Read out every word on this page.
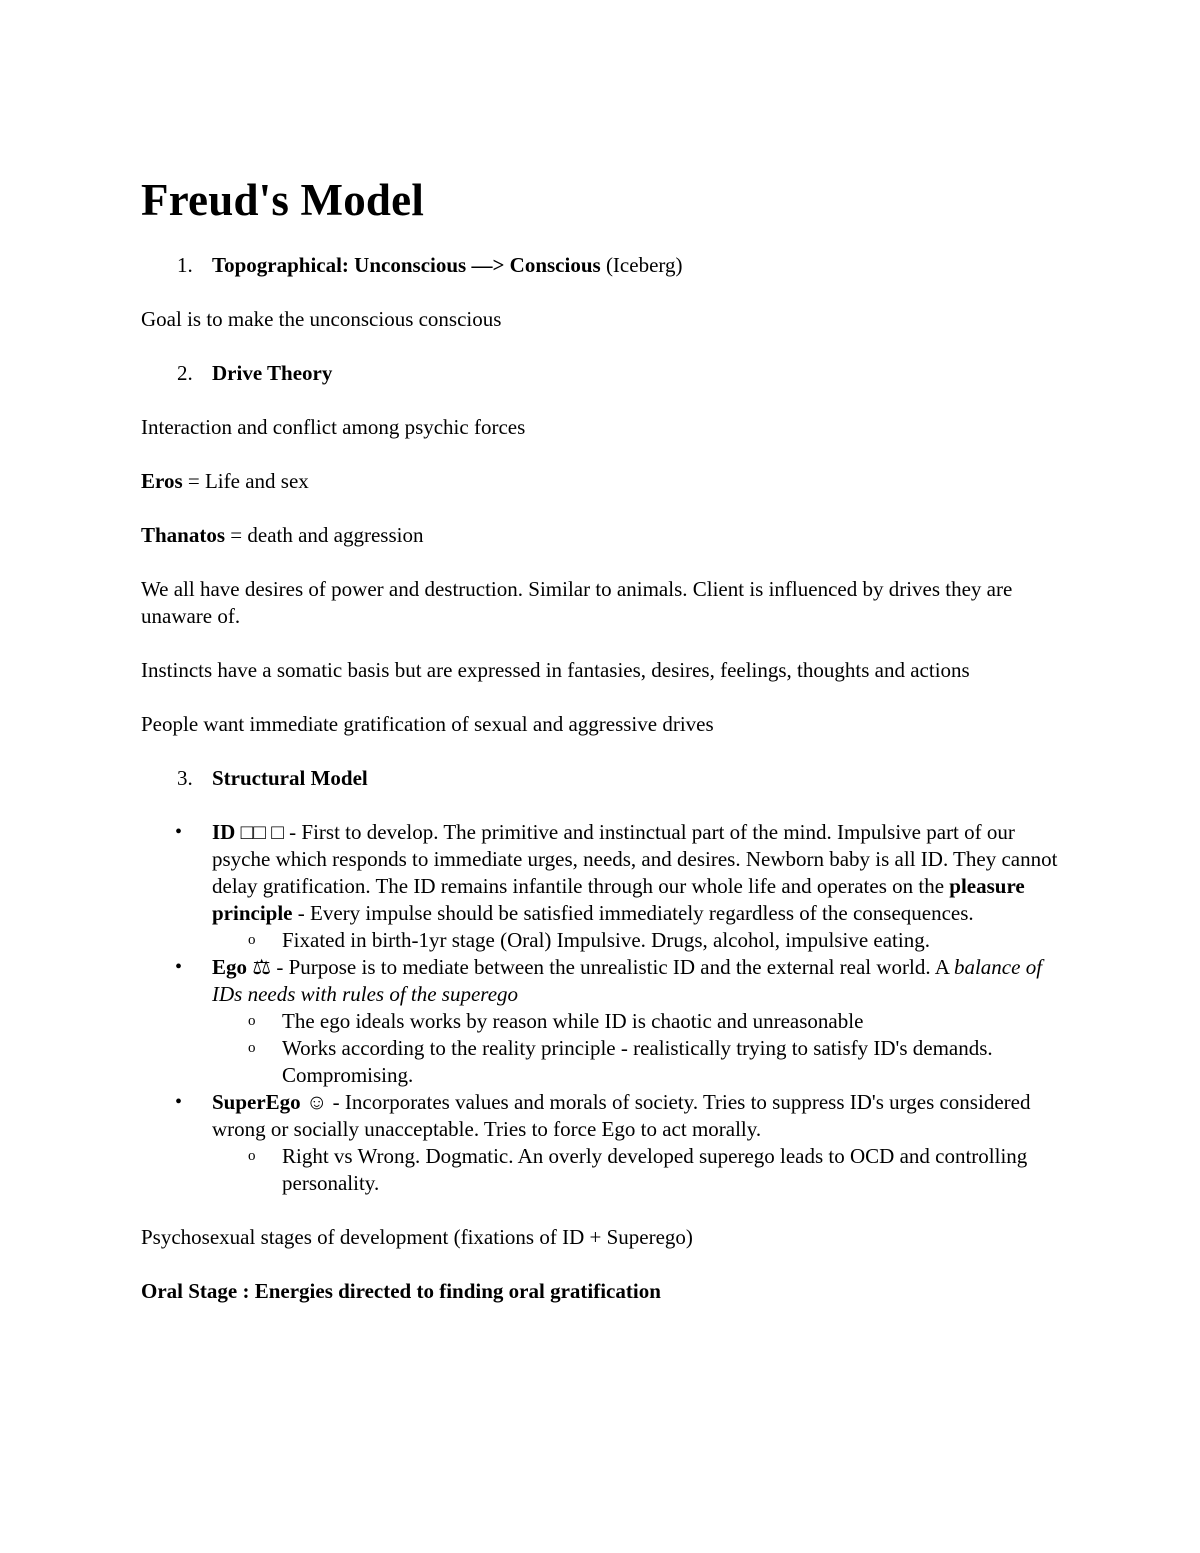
Freud's Model
1. Topographical: Unconscious —> Conscious (Iceberg)

Goal is to make the unconscious conscious

2. Drive Theory

Interaction and conflict among psychic forces

Eros = Life and sex

Thanatos = death and aggression

We all have desires of power and destruction. Similar to animals. Client is influenced by drives they are unaware of.

Instincts have a somatic basis but are expressed in fantasies, desires, feelings, thoughts and actions

People want immediate gratification of sexual and aggressive drives

3. Structural Model
•	ID □□ □ - First to develop. The primitive and instinctual part of the mind. Impulsive part of our psyche which responds to immediate urges, needs, and desires. Newborn baby is all ID. They cannot delay gratification. The ID remains infantile through our whole life and operates on the pleasure principle - Every impulse should be satisfied immediately regardless of the consequences.
o	Fixated in birth-1yr stage (Oral) Impulsive. Drugs, alcohol, impulsive eating.
•	Ego ⚖ - Purpose is to mediate between the unrealistic ID and the external real world. A balance of IDs needs with rules of the superego
o	The ego ideals works by reason while ID is chaotic and unreasonable
o	Works according to the reality principle - realistically trying to satisfy ID's demands. Compromising.
•	SuperEgo ☺ - Incorporates values and morals of society. Tries to suppress ID's urges considered wrong or socially unacceptable. Tries to force Ego to act morally.
o	Right vs Wrong. Dogmatic. An overly developed superego leads to OCD and controlling personality.

Psychosexual stages of development (fixations of ID + Superego)

Oral Stage : Energies directed to finding oral gratification
